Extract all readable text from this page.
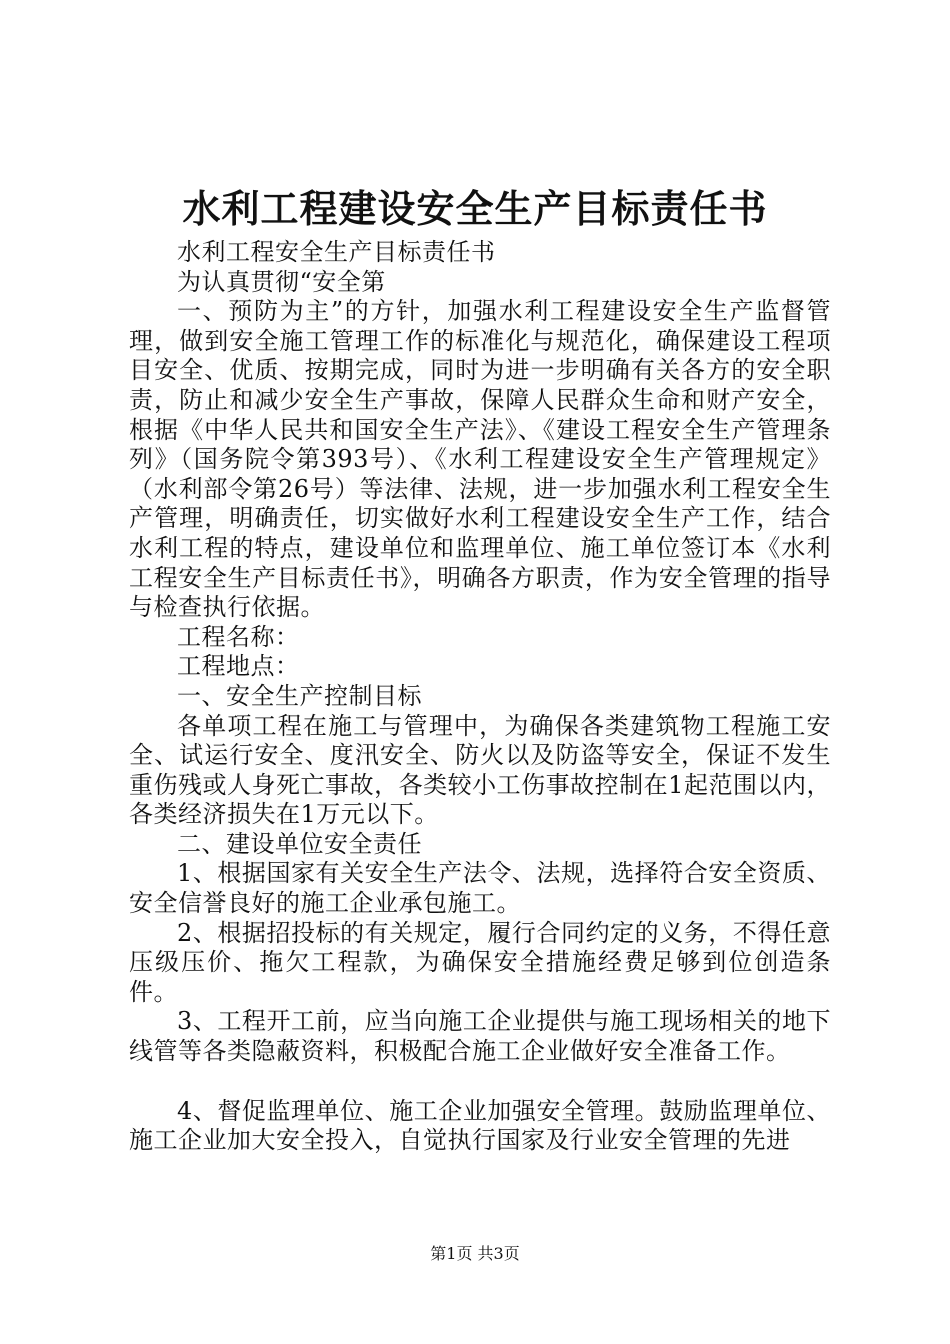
水利工程建设安全生产目标责任书

水利工程安全生产目标责任书

为认真贯彻“安全第

一、预防为主”的方针，加强水利工程建设安全生产监督管理，做到安全施工管理工作的标准化与规范化，确保建设工程项目安全、优质、按期完成，同时为进一步明确有关各方的安全职责，防止和减少安全生产事故，保障人民群众生命和财产安全，根据《中华人民共和国安全生产法》、《建设工程安全生产管理条列》（国务院令第393号）、《水利工程建设安全生产管理规定》（水利部令第26号）等法律、法规，进一步加强水利工程安全生产管理，明确责任，切实做好水利工程建设安全生产工作，结合水利工程的特点，建设单位和监理单位、施工单位签订本《水利工程安全生产目标责任书》，明确各方职责，作为安全管理的指导与检查执行依据。

工程名称：

工程地点：

一、安全生产控制目标

各单项工程在施工与管理中，为确保各类建筑物工程施工安全、试运行安全、度汛安全、防火以及防盗等安全，保证不发生重伤残或人身死亡事故，各类较小工伤事故控制在1起范围以内，各类经济损失在1万元以下。

二、建设单位安全责任

1、根据国家有关安全生产法令、法规，选择符合安全资质、安全信誉良好的施工企业承包施工。

2、根据招投标的有关规定，履行合同约定的义务，不得任意压级压价、拖欠工程款，为确保安全措施经费足够到位创造条件。

3、工程开工前，应当向施工企业提供与施工现场相关的地下线管等各类隐蔽资料，积极配合施工企业做好安全准备工作。

4、督促监理单位、施工企业加强安全管理。鼓励监理单位、施工企业加大安全投入，自觉执行国家及行业安全管理的先进

第1页 共3页
